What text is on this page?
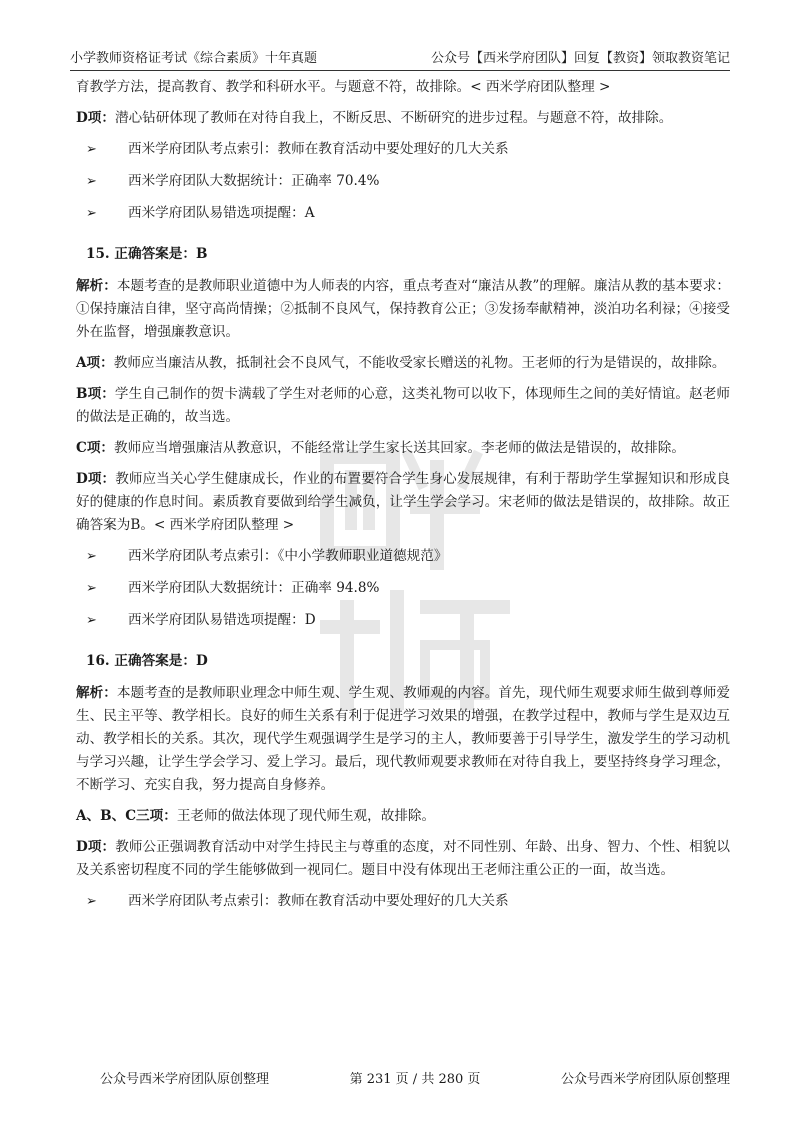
小学教师资格证考试《综合素质》十年真题	公众号【西米学府团队】回复【教资】领取教资笔记

育教学方法，提高教育、教学和科研水平。与题意不符，故排除。< 西米学府团队整理 >

D项：潜心钻研体现了教师在对待自我上，不断反思、不断研究的进步过程。与题意不符，故排除。

➢	西米学府团队考点索引：教师在教育活动中要处理好的几大关系
➢	西米学府团队大数据统计：正确率 70.4%
➢	西米学府团队易错选项提醒：A
15. 正确答案是：B

解析：本题考查的是教师职业道德中为人师表的内容，重点考查对“廉洁从教”的理解。廉洁从教的基本要求：①保持廉洁自律，坚守高尚情操；②抵制不良风气，保持教育公正；③发扬奉献精神，淡泊功名利禄；④接受外在监督，增强廉教意识。

A项：教师应当廉洁从教，抵制社会不良风气，不能收受家长赠送的礼物。王老师的行为是错误的，故排除。

B项：学生自己制作的贺卡满载了学生对老师的心意，这类礼物可以收下，体现师生之间的美好情谊。赵老师的做法是正确的，故当选。

C项：教师应当增强廉洁从教意识，不能经常让学生家长送其回家。李老师的做法是错误的，故排除。

D项：教师应当关心学生健康成长，作业的布置要符合学生身心发展规律，有利于帮助学生掌握知识和形成良好的健康的作息时间。素质教育要做到给学生减负，让学生学会学习。宋老师的做法是错误的，故排除。故正确答案为B。< 西米学府团队整理 >

➢	西米学府团队考点索引：《中小学教师职业道德规范》
➢	西米学府团队大数据统计：正确率 94.8%
➢	西米学府团队易错选项提醒：D
16. 正确答案是：D

解析：本题考查的是教师职业理念中师生观、学生观、教师观的内容。首先，现代师生观要求师生做到尊师爱生、民主平等、教学相长。良好的师生关系有利于促进学习效果的增强，在教学过程中，教师与学生是双边互动、教学相长的关系。其次，现代学生观强调学生是学习的主人，教师要善于引导学生，激发学生的学习动机与学习兴趣，让学生学会学习、爱上学习。最后，现代教师观要求教师在对待自我上，要坚持终身学习理念，不断学习、充实自我，努力提高自身修养。

A、B、C三项：王老师的做法体现了现代师生观，故排除。

D项：教师公正强调教育活动中对学生持民主与尊重的态度，对不同性别、年龄、出身、智力、个性、相貌以及关系密切程度不同的学生能够做到一视同仁。题目中没有体现出王老师注重公正的一面，故当选。

➢	西米学府团队考点索引：教师在教育活动中要处理好的几大关系
公众号西米学府团队原创整理	第 231 页 / 共 280 页	公众号西米学府团队原创整理
